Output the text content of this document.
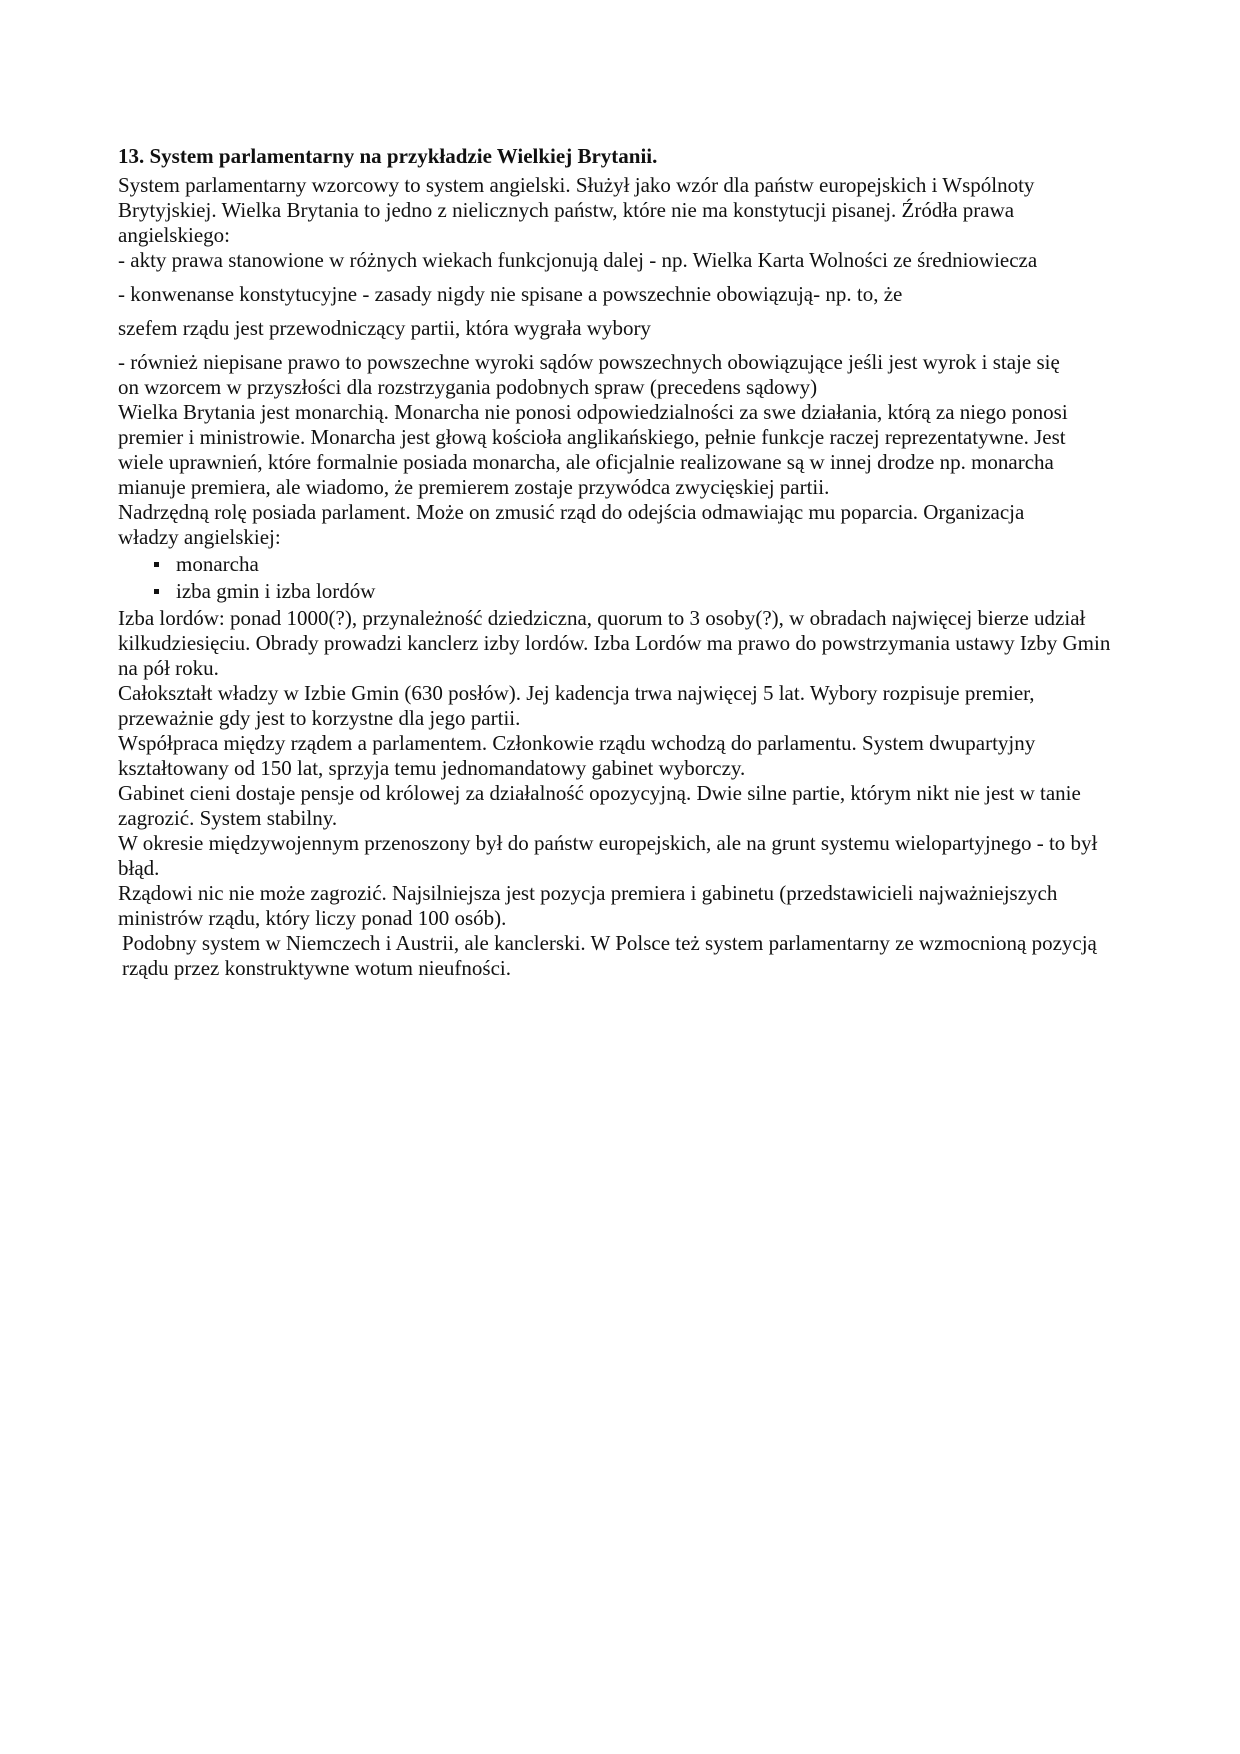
13. System parlamentarny na przykładzie Wielkiej Brytanii.

System parlamentarny wzorcowy to system angielski. Służył jako wzór dla państw europejskich i Wspólnoty Brytyjskiej. Wielka Brytania to jedno z nielicznych państw, które nie ma konstytucji pisanej. Źródła prawa angielskiego:

- akty prawa stanowione w różnych wiekach funkcjonują dalej - np. Wielka Karta Wolności ze średniowiecza

- konwenanse konstytucyjne - zasady nigdy nie spisane a powszechnie obowiązują- np. to, że

szefem rządu jest przewodniczący partii, która wygrała wybory

- również niepisane prawo to powszechne wyroki sądów powszechnych obowiązujące jeśli jest wyrok i staje się

on wzorcem w przyszłości dla rozstrzygania podobnych spraw (precedens sądowy)

Wielka Brytania jest monarchią. Monarcha nie ponosi odpowiedzialności za swe działania, którą za niego ponosi

premier i ministrowie. Monarcha jest głową kościoła anglikańskiego, pełnie funkcje raczej reprezentatywne. Jest

wiele uprawnień, które formalnie posiada monarcha, ale oficjalnie realizowane są w innej drodze np. monarcha

mianuje premiera, ale wiadomo, że premierem zostaje przywódca zwycięskiej partii.

Nadrzędną rolę posiada parlament. Może on zmusić rząd do odejścia odmawiając mu poparcia. Organizacja

władzy angielskiej:

monarcha
izba gmin i izba lordów

Izba lordów: ponad 1000(?), przynależność dziedziczna, quorum to 3 osoby(?), w obradach najwięcej bierze udział kilkudziesięciu. Obrady prowadzi kanclerz izby lordów. Izba Lordów ma prawo do powstrzymania ustawy Izby Gmin na pół roku.

Całokształt władzy w Izbie Gmin (630 posłów). Jej kadencja trwa najwięcej 5 lat. Wybory rozpisuje premier, przeważnie gdy jest to korzystne dla jego partii.

Współpraca między rządem a parlamentem. Członkowie rządu wchodzą do parlamentu. System dwupartyjny kształtowany od 150 lat, sprzyja temu jednomandatowy gabinet wyborczy.

Gabinet cieni dostaje pensje od królowej za działalność opozycyjną. Dwie silne partie, którym nikt nie jest w tanie zagrozić. System stabilny.

W okresie międzywojennym przenoszony był do państw europejskich, ale na grunt systemu wielopartyjnego - to był błąd.

Rządowi nic nie może zagrozić. Najsilniejsza jest pozycja premiera i gabinetu (przedstawicieli najważniejszych ministrów rządu, który liczy ponad 100 osób).

Podobny system w Niemczech i Austrii, ale kanclerski. W Polsce też system parlamentarny ze wzmocnioną pozycją rządu przez konstruktywne wotum nieufności.
